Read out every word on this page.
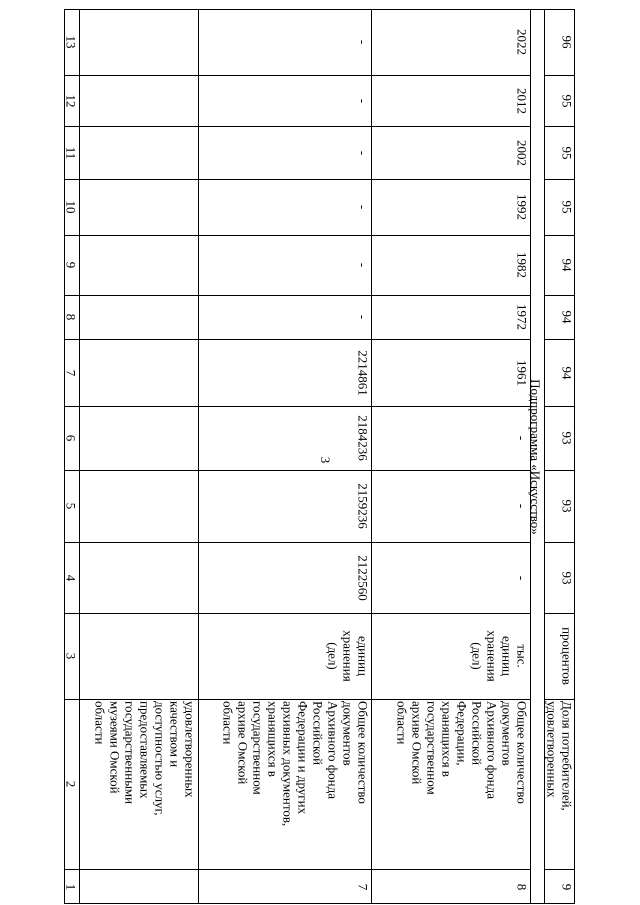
3
1
2
3
4
5
6
7
8
9
10
11
12
13
удовлетворенных
качеством и
доступностью услуг,
предоставляемых
государственными
музеями Омской
области
7
Общее количество
документов
Архивного фонда
Российской
Федерации и других
архивных документов,
хранящихся в
государственном
архиве Омской
области
единиц
хранения
(дел)
2122560
2159236
2184236
2214861
-
-
-
-
-
-
8
Общее количество
документов
Архивного фонда
Российской
Федерации,
хранящихся в
государственном
архиве Омской
области
тыс.
единиц
хранения
(дел)
-
-
-
1961
1972
1982
1992
2002
2012
2022
9
Доля потребителей,
удовлетворенных
процентов
93
93
93
94
94
94
95
95
95
96
Подпрограмма «Искусство»
